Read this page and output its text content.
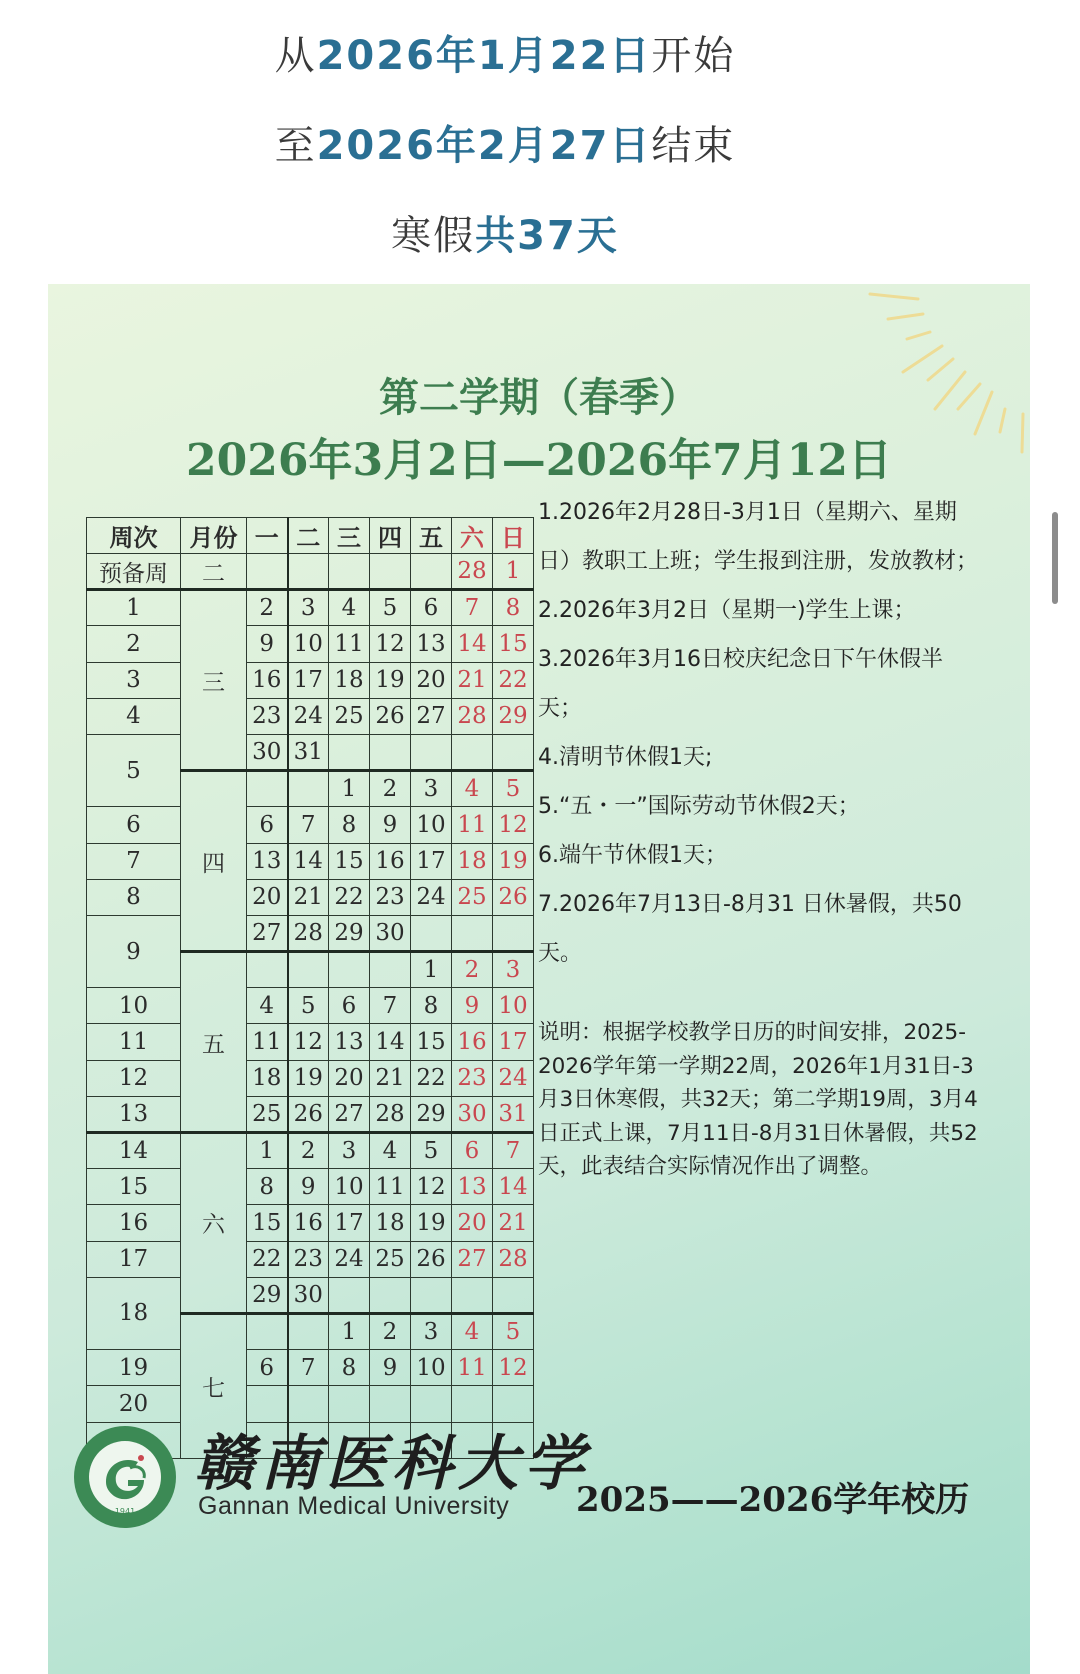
从2026年1月22日开始
至2026年2月27日结束
寒假共37天
第二学期（春季）
2026年3月2日—2026年7月12日
周次	月份	一	二	三	四	五	六	日
预备周	二						28	1
1	三	2	3	4	5	6	7	8
2		9	10	11	12	13	14	15
3		16	17	18	19	20	21	22
4		23	24	25	26	27	28	29
5		30	31					
	四			1	2	3	4	5
6		6	7	8	9	10	11	12
7		13	14	15	16	17	18	19
8		20	21	22	23	24	25	26
9		27	28	29	30			
	五					1	2	3
10		4	5	6	7	8	9	10
11		11	12	13	14	15	16	17
12		18	19	20	21	22	23	24
13		25	26	27	28	29	30	31
14	六	1	2	3	4	5	6	7
15		8	9	10	11	12	13	14
16		15	16	17	18	19	20	21
17		22	23	24	25	26	27	28
18		29	30					
	七			1	2	3	4	5
19		6	7	8	9	10	11	12
20								

1.2026年2月28日-3月1日（星期六、星期日）教职工上班；学生报到注册，发放教材；
2.2026年3月2日（星期一)学生上课；
3.2026年3月16日校庆纪念日下午休假半天；
4.清明节休假1天;
5.“五・一”国际劳动节休假2天；
6.端午节休假1天；
7.2026年7月13日-8月31 日休暑假，共50天。
说明：根据学校教学日历的时间安排，2025-2026学年第一学期22周，2026年1月31日-3月3日休寒假，共32天；第二学期19周，3月4日正式上课，7月11日-8月31日休暑假，共52天，此表结合实际情况作出了调整。
1941
赣南医科大学
Gannan Medical University 2025——2026学年校历
